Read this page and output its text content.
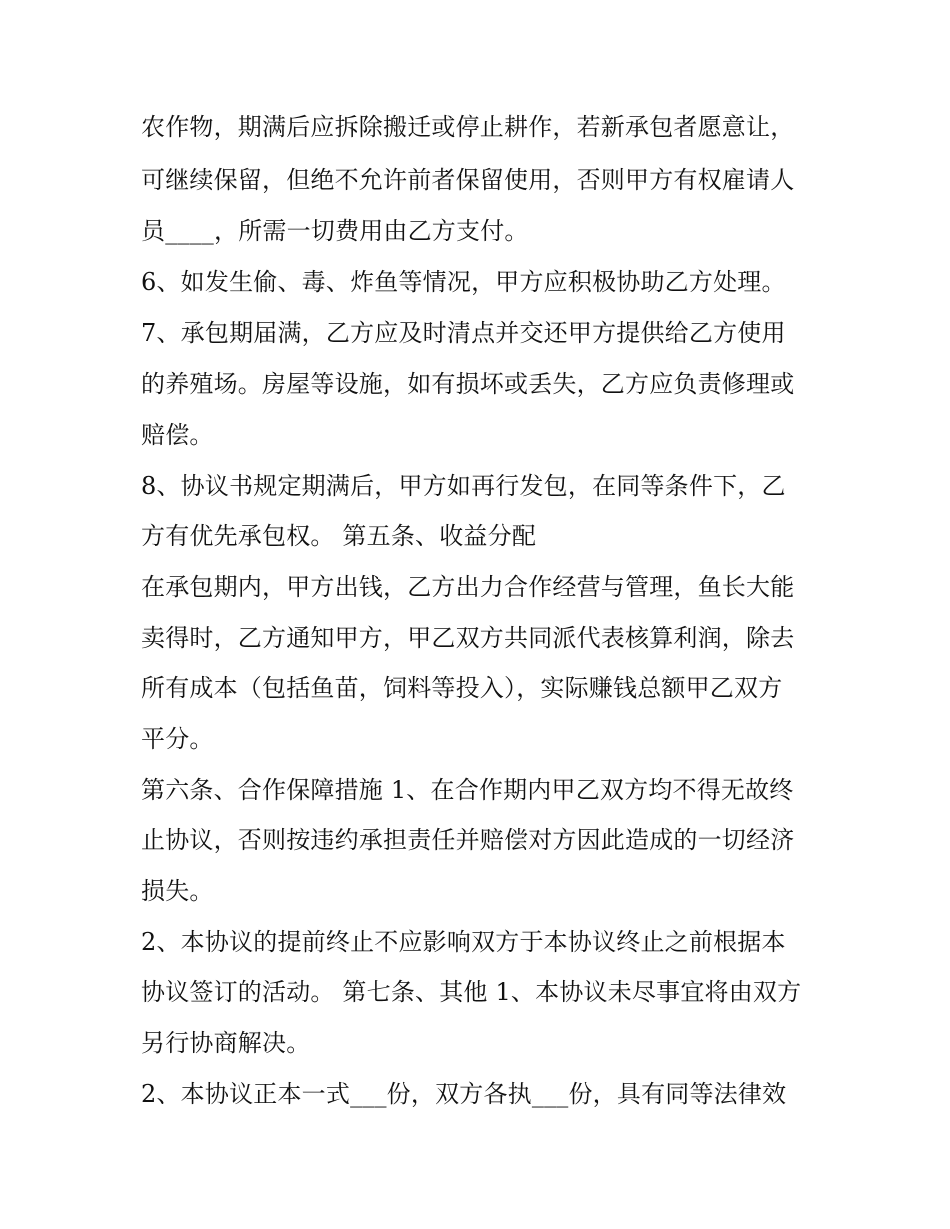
农作物，期满后应拆除搬迁或停止耕作，若新承包者愿意让，
可继续保留，但绝不允许前者保留使用，否则甲方有权雇请人
员____，所需一切费用由乙方支付。
6、如发生偷、毒、炸鱼等情况，甲方应积极协助乙方处理。
7、承包期届满，乙方应及时清点并交还甲方提供给乙方使用
的养殖场。房屋等设施，如有损坏或丢失，乙方应负责修理或
赔偿。
8、协议书规定期满后，甲方如再行发包，在同等条件下，乙
方有优先承包权。 第五条、收益分配
在承包期内，甲方出钱，乙方出力合作经营与管理，鱼长大能
卖得时，乙方通知甲方，甲乙双方共同派代表核算利润，除去
所有成本（包括鱼苗，饲料等投入），实际赚钱总额甲乙双方
平分。
第六条、合作保障措施 1、在合作期内甲乙双方均不得无故终
止协议，否则按违约承担责任并赔偿对方因此造成的一切经济
损失。
2、本协议的提前终止不应影响双方于本协议终止之前根据本
协议签订的活动。 第七条、其他 1、本协议未尽事宜将由双方
另行协商解决。
2、本协议正本一式___份，双方各执___份，具有同等法律效
